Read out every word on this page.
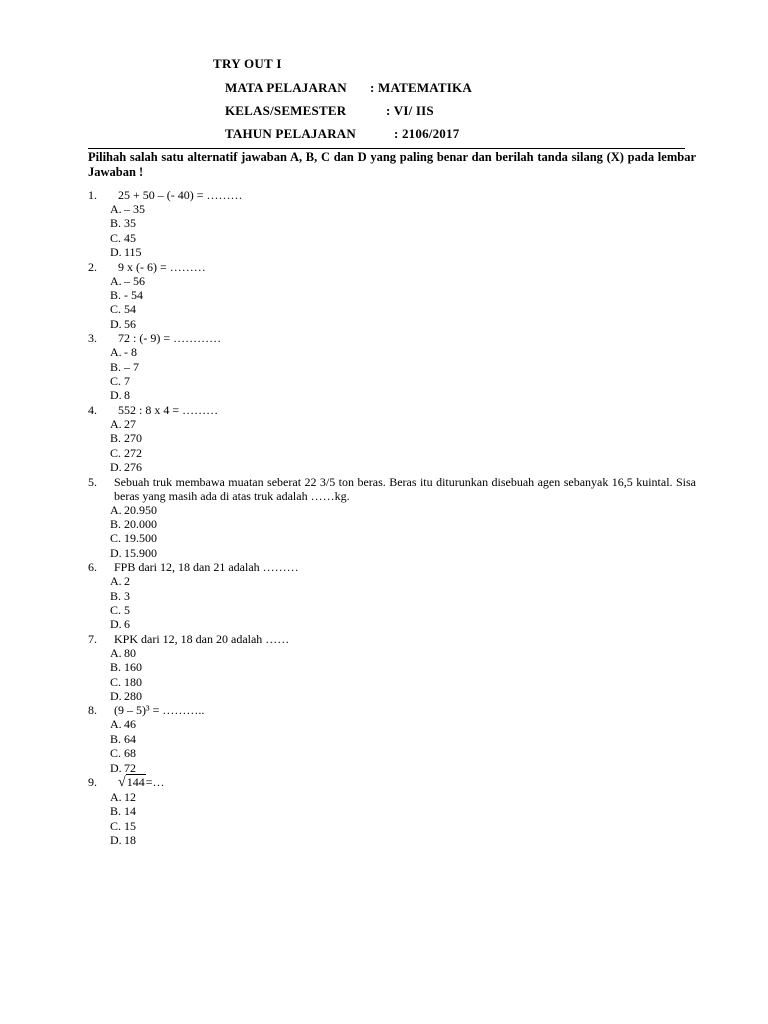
TRY OUT I
MATA PELAJARAN : MATEMATIKA
KELAS/SEMESTER	: VI/ IIS
TAHUN PELAJARAN	: 2106/2017
Pilihah salah satu alternatif jawaban A, B, C dan D yang paling benar dan berilah tanda silang (X) pada lembar Jawaban !
1.	25 + 50 – (- 40) = ………
A. – 35
B. 35
C. 45
D. 115
2.	9 x (- 6) = ………
A. – 56
B. - 54
C. 54
D. 56
3.	72 : (- 9) = …………
A. - 8
B. – 7
C. 7
D. 8
4.	552 : 8 x 4 = ………
A. 27
B. 270
C. 272
D. 276
5.	Sebuah truk membawa muatan seberat 22 3/5 ton beras. Beras itu diturunkan disebuah agen sebanyak 16,5 kuintal. Sisa beras yang masih ada di atas truk adalah ……kg.
A. 20.950
B. 20.000
C. 19.500
D. 15.900
6.	FPB dari 12, 18 dan 21 adalah ………
A. 2
B. 3
C. 5
D. 6
7.	KPK dari 12, 18 dan 20 adalah ……
A. 80
B. 160
C. 180
D. 280
8.	(9 – 5)³ = ………..
A. 46
B. 64
C. 68
D. 72
9.	√144=…
A. 12
B. 14
C. 15
D. 18
